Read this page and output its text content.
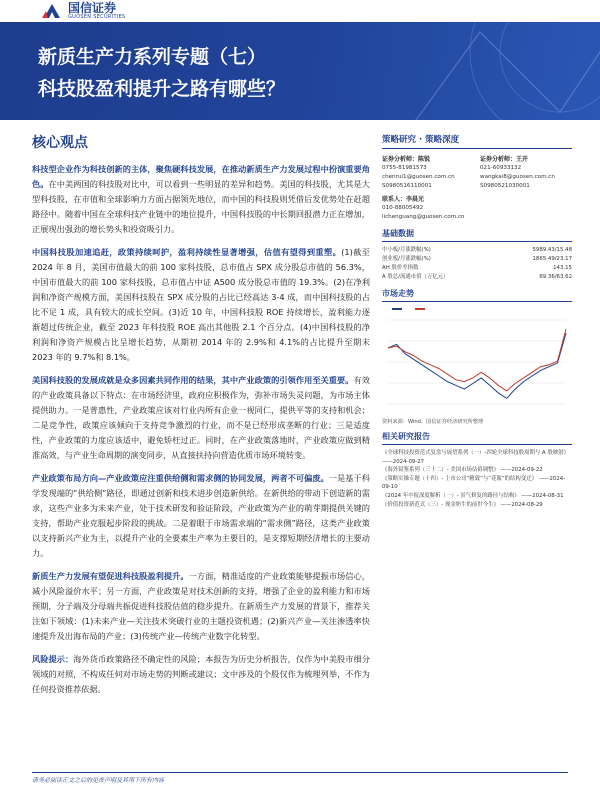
国信证券
GUOSEN SECURITIES
新质生产力系列专题（七）
科技股盈利提升之路有哪些？
核心观点
科技型企业作为科技创新的主体，聚焦硬科技发展，在推动新质生产力发展过程中扮演重要角色。在中美两国的科技股对比中，可以看到一些明显的差异和趋势。美国的科技股，尤其是大型科技股，在市值和全球影响力方面占据领先地位，而中国的科技股则凭借后发优势处在赶超路径中。随着中国在全球科技产业链中的地位提升，中国科技股的中长期回报潜力正在增加，正展现出强劲的增长势头和投资吸引力。
中国科技股加速追赶，政策持续呵护，盈利持续性显著增强，估值有望得到重塑。(1)截至 2024 年 8 月，美国市值最大的前 100 家科技股，总市值占 SPX 成分股总市值的 56.3%，中国市值最大的前 100 家科技股，总市值占中证 A500 成分股总市值的 19.3%。(2)在净利润和净资产规模方面，美国科技股在 SPX 成分股的占比已经高达 3-4 成，而中国科技股的占比不足 1 成，具有较大的成长空间。(3)近 10 年，中国科技股 ROE 持续增长，盈利能力逐渐超过传统企业，截至 2023 年科技股 ROE 高出其他股 2.1 个百分点。(4)中国科技股的净利润和净资产规模占比呈增长趋势，从期初 2014 年的 2.9%和 4.1%的占比提升至期末 2023 年的 9.7%和 8.1%。
美国科技股的发展成就是众多因素共同作用的结果，其中产业政策的引领作用至关重要。有效的产业政策具备以下特点：在市场经济里，政府应积极作为，弥补市场失灵问题，为市场主体提供助力。一是普惠性，产业政策应该对行业内所有企业一视同仁，提供平等的支持和机会；二是竞争性，政策应该倾向于支持竞争激烈的行业，而不是已经形成垄断的行业；三是适度性，产业政策的力度应该适中，避免矫枉过正。同时，在产业政策落地时，产业政策应做到精准高效，与产业生命周期的演变同步，从直接扶持向营造优质市场环境转变。
产业政策布局方向—产业政策应注重供给侧和需求侧的协同发展，两者不可偏废。一是基于科学发现端的“供给侧”路径，即通过创新和技术进步创造新供给。在新供给的带动下创造新的需求，这些产业多为未来产业，处于技术研发和验证阶段，产业政策为产业的萌芽期提供关键的支持，帮助产业克服起步阶段的挑战。二是着眼于市场需求端的“需求侧”路径，这类产业政策以支持新兴产业为主，以提升产业的全要素生产率为主要目的，是支撑短期经济增长的主要动力。
新质生产力发展有望促进科技股盈利提升。一方面，精准适度的产业政策能够提振市场信心，减小风险溢价水平；另一方面，产业政策是对技术创新的支持，增强了企业的盈利能力和市场预期，分子端及分母端共振促进科技股估值的稳步提升。在新质生产力发展的背景下，推荐关注如下领域：(1)未来产业—关注技术突破行业的主题投资机遇；(2)新兴产业—关注渗透率快速提升及出海布局的产业；(3)传统产业—传统产业数字化转型。
风险提示：海外货币政策路径不确定性的风险；本报告为历史分析报告，仅作为中美股市细分领域的对照，不构成任何对市场走势的判断或建议；文中涉及的个股仅作为梳理列举，不作为任何投资推荐依据。
策略研究 · 策略深度
证券分析师：陈锐
0755-81981573
chenrui1@guosen.com.cn
S0980516110001
证券分析师：王开
021-60933132
wangkai8@guosen.com.cn
S0980521030001
联系人：李晨光
010-88005492
lichenguang@guosen.com.cn
基础数据
中小板/月涨跌幅(%)	5989.43/15.48
创业板/月涨跌幅(%)	1865.49/23.17
AH 股价差指数	143.15
A 股总/流通市值（万亿元）	69.36/63.62
市场走势
资料来源：Wind、国信证券经济研究所整理
相关研究报告
《全球科技投资范式复盘与展望系列（一）-四轮全球科技股周期与 A 股映射》 ——2024-09-27
《海外镜鉴系列（三十二）- 美国市场估值调整》 ——2024-09-22
《策略实操专题（十四）- 上市公司“精致”与“花瓶”的结构变迁》 ——2024-09-10
《2024 年中报深度解析（一）- 景气修复的路径与结构》 ——2024-08-31
《价值投资新范式（三）- 现金奶牛的前世今生》 ——2024-08-29
请务必阅读正文之后的免责声明及其项下所有内容
